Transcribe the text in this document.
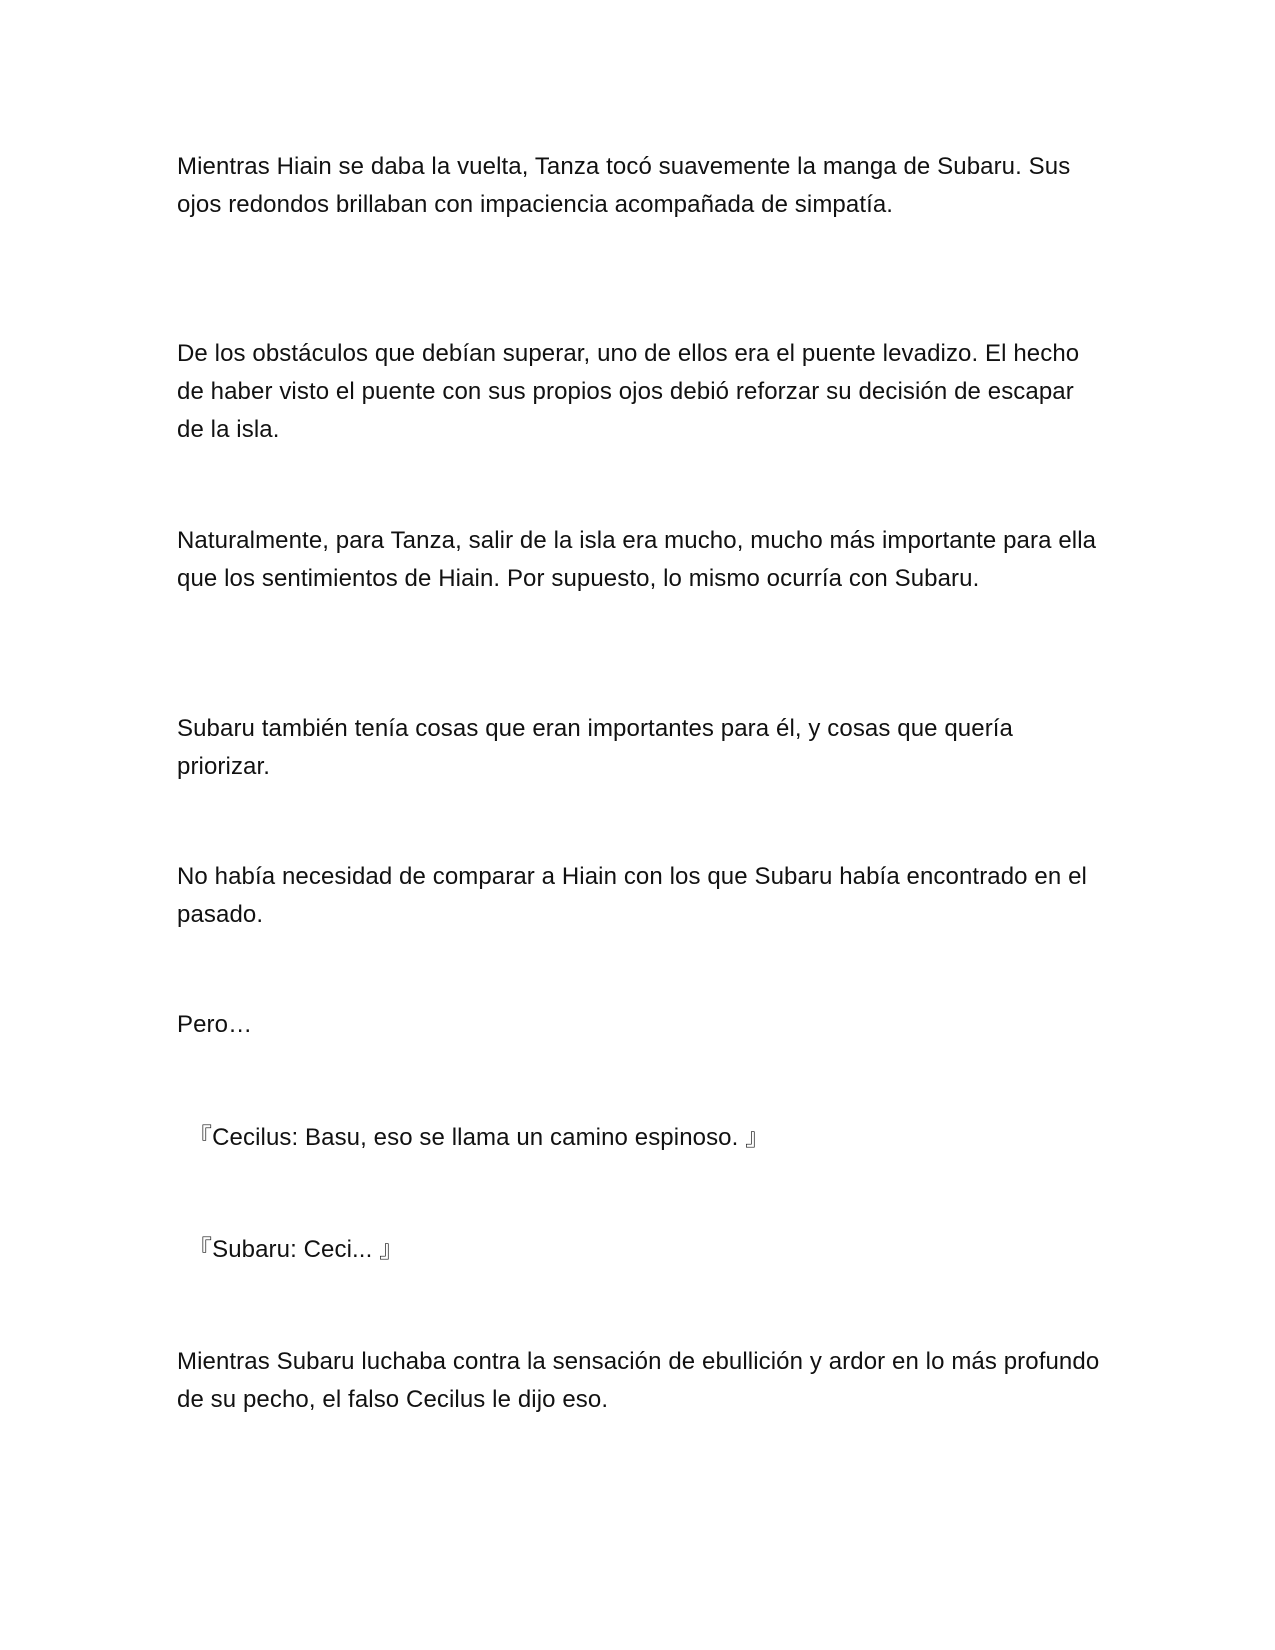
Mientras Hiain se daba la vuelta, Tanza tocó suavemente la manga de Subaru. Sus ojos redondos brillaban con impaciencia acompañada de simpatía.

De los obstáculos que debían superar, uno de ellos era el puente levadizo. El hecho de haber visto el puente con sus propios ojos debió reforzar su decisión de escapar de la isla.

Naturalmente, para Tanza, salir de la isla era mucho, mucho más importante para ella que los sentimientos de Hiain. Por supuesto, lo mismo ocurría con Subaru.

Subaru también tenía cosas que eran importantes para él, y cosas que quería priorizar.

No había necesidad de comparar a Hiain con los que Subaru había encontrado en el pasado.

Pero…

『Cecilus: Basu, eso se llama un camino espinoso. 』

『Subaru: Ceci... 』

Mientras Subaru luchaba contra la sensación de ebullición y ardor en lo más profundo de su pecho, el falso Cecilus le dijo eso.
